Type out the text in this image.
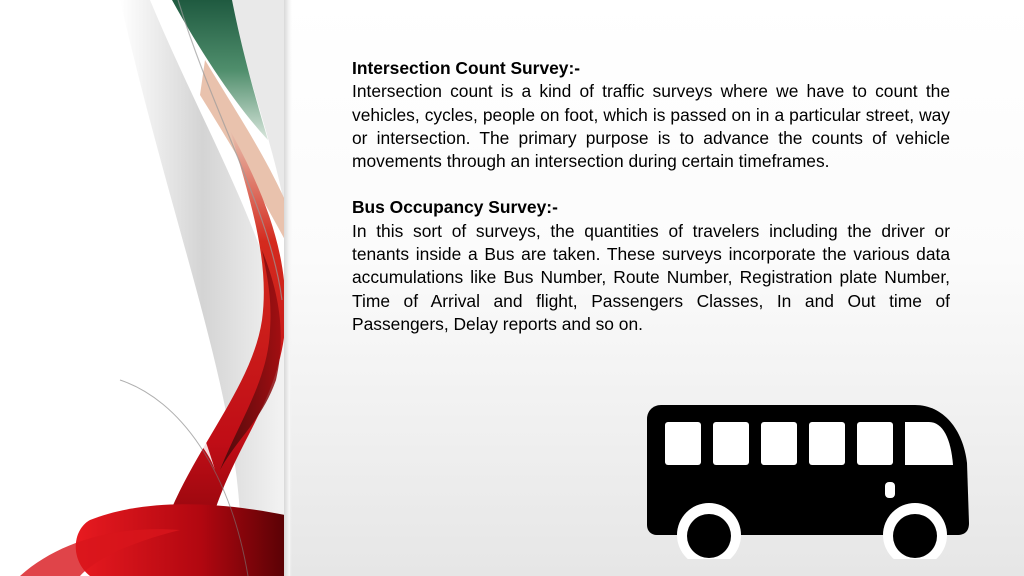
Intersection Count Survey:-

Intersection count is a kind of traffic surveys where we have to count the vehicles, cycles, people on foot, which is passed on in a particular street, way or intersection. The primary purpose is to advance the counts of vehicle movements through an intersection during certain timeframes.

Bus Occupancy Survey:-

In this sort of surveys, the quantities of travelers including the driver or tenants inside a Bus are taken. These surveys incorporate the various data accumulations like Bus Number, Route Number, Registration plate Number, Time of Arrival and flight, Passengers Classes, In and Out time of Passengers, Delay reports and so on.
